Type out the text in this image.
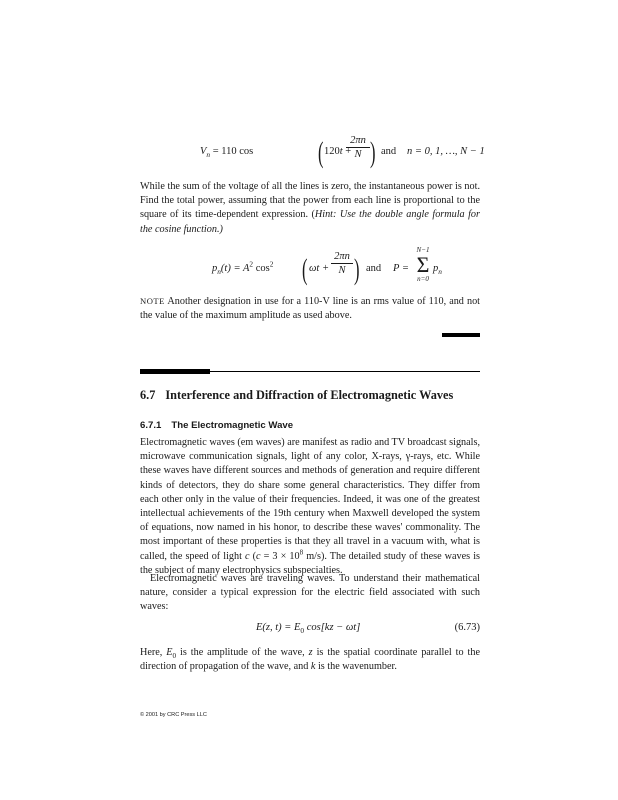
$V_n = 110$ cos ( 120t +
$\frac{2\pi n}{N}$ ) and n = 0, 1, …, N − 1
While the sum of the voltage of all the lines is zero, the instantaneous power is not. Find the total power, assuming that the power from each line is proportional to the square of its time-dependent expression. (Hint: Use the double angle formula for the cosine function.)
$p_n(t) = A^2$ $\cos^2$ ( $\omega t + \frac{2\pi n}{N}$ ) and P =
N−1
Σ
n=0
$p_n$
NOTE Another designation in use for a 110-V line is an rms value of 110, and not the value of the maximum amplitude as used above.
6.7 Interference and Diffraction of Electromagnetic Waves
6.7.1 The Electromagnetic Wave
Electromagnetic waves (em waves) are manifest as radio and TV broadcast signals, microwave communication signals, light of any color, X-rays, γ-rays, etc. While these waves have different sources and methods of generation and require different kinds of detectors, they do share some general characteristics. They differ from each other only in the value of their frequencies. Indeed, it was one of the greatest intellectual achievements of the 19th century when Maxwell developed the system of equations, now named in his honor, to describe these waves' commonality. The most important of these properties is that they all travel in a vacuum with, what is called, the speed of light c ($c = 3 \times 10^8$ m/s). The detailed study of these waves is the subject of many electrophysics subspecialties.
Electromagnetic waves are traveling waves. To understand their mathematical nature, consider a typical expression for the electric field associated with such waves:
E(z, $t) = E_0$ cos[kz − ωt]	(6.73)
Here, $E_0$ is the amplitude of the wave, z is the spatial coordinate parallel to the direction of propagation of the wave, and k is the wavenumber.
© 2001 by CRC Press LLC
